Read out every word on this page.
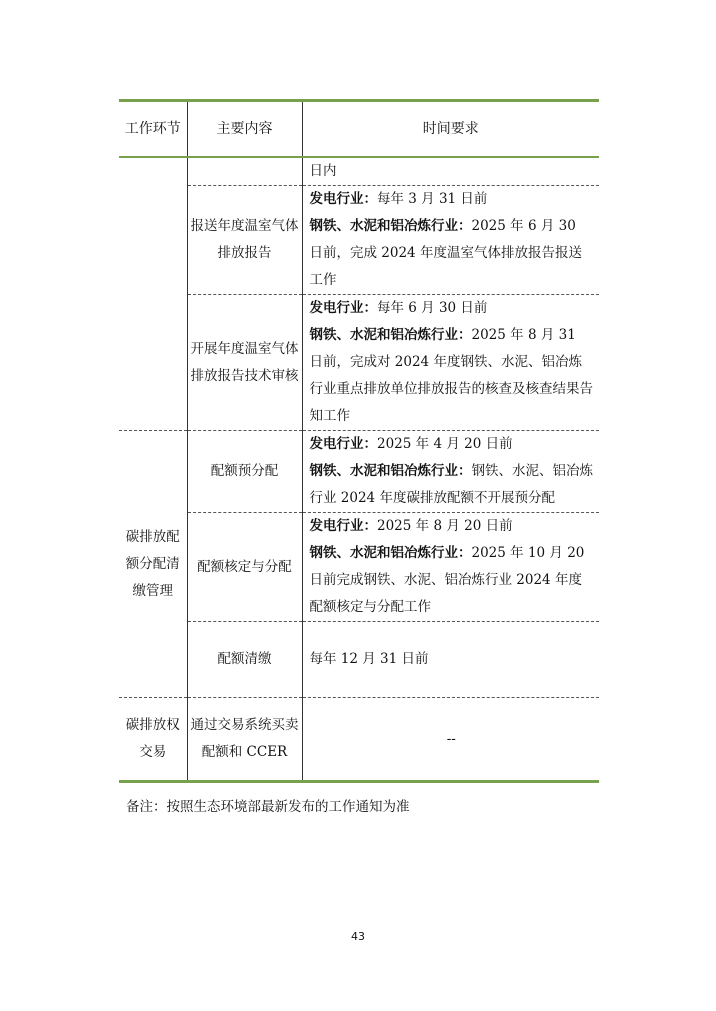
工作环节	主要内容	时间要求
		日内
	报送年度温室气体排放报告	发电行业：每年 3 月 31 日前
钢铁、水泥和铝冶炼行业：2025 年 6 月 30 日前，完成 2024 年度温室气体排放报告报送工作

	开展年度温室气体排放报告技术审核	发电行业：每年 6 月 30 日前
钢铁、水泥和铝冶炼行业：2025 年 8 月 31 日前，完成对 2024 年度钢铁、水泥、铝冶炼行业重点排放单位排放报告的核查及核查结果告知工作

碳排放配额分配清缴管理	配额预分配	发电行业：2025 年 4 月 20 日前
钢铁、水泥和铝冶炼行业：钢铁、水泥、铝冶炼行业 2024 年度碳排放配额不开展预分配

	配额核定与分配	发电行业：2025 年 8 月 20 日前
钢铁、水泥和铝冶炼行业：2025 年 10 月 20 日前完成钢铁、水泥、铝冶炼行业 2024 年度配额核定与分配工作

	配额清缴	每年 12 月 31 日前
碳排放权交易	通过交易系统买卖配额和 CCER	--
备注：按照生态环境部最新发布的工作通知为准
43
